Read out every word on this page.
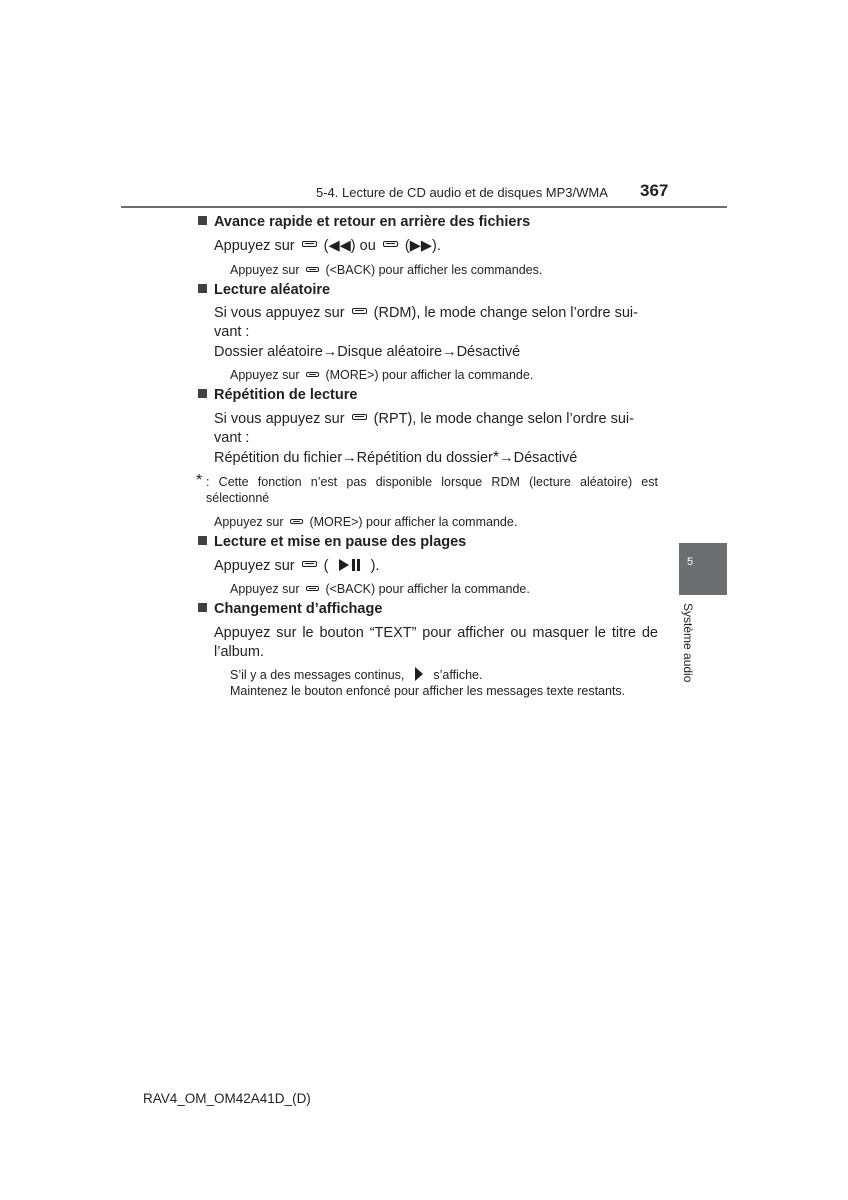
5-4. Lecture de CD audio et de disques MP3/WMA 367
Avance rapide et retour en arrière des fichiers
Appuyez sur (◀◀) ou (▶▶).
Appuyez sur (<BACK) pour afficher les commandes.
Lecture aléatoire
Si vous appuyez sur (RDM), le mode change selon l’ordre sui-
vant :
Dossier aléatoire→Disque aléatoire→Désactivé
Appuyez sur (MORE>) pour afficher la commande.
Répétition de lecture
Si vous appuyez sur (RPT), le mode change selon l’ordre sui-
vant :
Répétition du fichier→Répétition du dossier*→Désactivé
* : Cette fonction n’est pas disponible lorsque RDM (lecture aléatoire) est sélectionné
Appuyez sur (MORE>) pour afficher la commande.
Lecture et mise en pause des plages
Appuyez sur (	).
Appuyez sur (<BACK) pour afficher la commande.
Changement d’affichage
Appuyez sur le bouton “TEXT” pour afficher ou masquer le titre de l’album.
S’il y a des messages continus, s’affiche.
Maintenez le bouton enfoncé pour afficher les messages texte restants.
5
Système audio
RAV4_OM_OM42A41D_(D)
